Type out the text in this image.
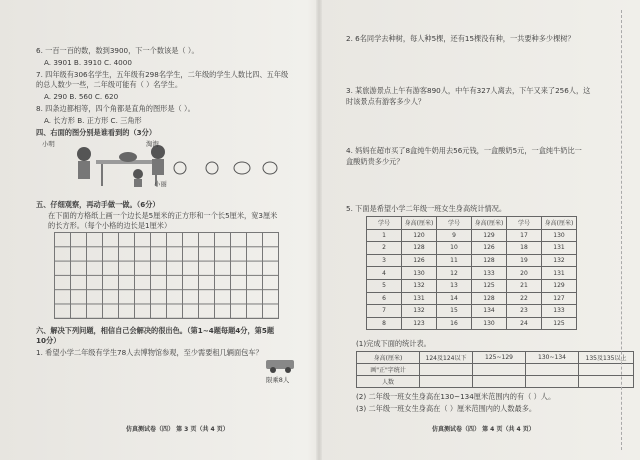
6. 一百一百的数，数到3900，下一个数该是（ ）。
A. 3901 B. 3910 C. 4000
7. 四年级有306名学生，五年级有298名学生，二年级的学生人数比四、五年级
的总人数少一些，二年级可能有（ ）名学生。
A. 290 B. 560 C. 620
8. 四条边都相等，四个角都是直角的图形是（ ）。
A. 长方形 B. 正方形 C. 三角形
四、右面的图分别是谁看到的（3分）
小明	淘淘
小丽
五、仔细观察，再动手做一做。（6分）
在下面的方格纸上画一个边长是5厘米的正方形和一个长5厘米，宽3厘米
的长方形。（每个小格的边长是1厘米）
六、解决下列问题，相信自己会解决的很出色。（第1~4题每题4分，第5题
10分）
1. 希望小学二年级有学生78人去博物馆参观，至少需要租几辆面包车？
限乘8人
仿真测试卷（四） 第 3 页（共 4 页）
2. 6名同学去种树，每人种5棵，还有15棵没有种，一共要种多少棵树？
3. 某旅游景点上午有游客890人，中午有327人离去，下午又来了256人，这
时该景点有游客多少人？
4. 妈妈在超市买了8盒纯牛奶用去56元钱，一盒酸奶5元，一盒纯牛奶比一
盒酸奶贵多少元？
5. 下面是希望小学二年级一班女生身高统计情况。
学号	身高(厘米)	学号	身高(厘米)	学号	身高(厘米)
1	120	9	129	17	130
2	128	10	126	18	131
3	126	11	128	19	132
4	130	12	133	20	131
5	132	13	125	21	129
6	131	14	128	22	127
7	132	15	134	23	133
8	123	16	130	24	125
(1)完成下面的统计表。
身高(厘米)	124及124以下	125~129	130~134	135及135以上
画"正"字统计				
人数				
(2) 二年级一班女生身高在130~134厘米范围内的有（ ）人。
(3) 二年级一班女生身高在（ ）厘米范围内的人数最多。
仿真测试卷（四） 第 4 页（共 4 页）
